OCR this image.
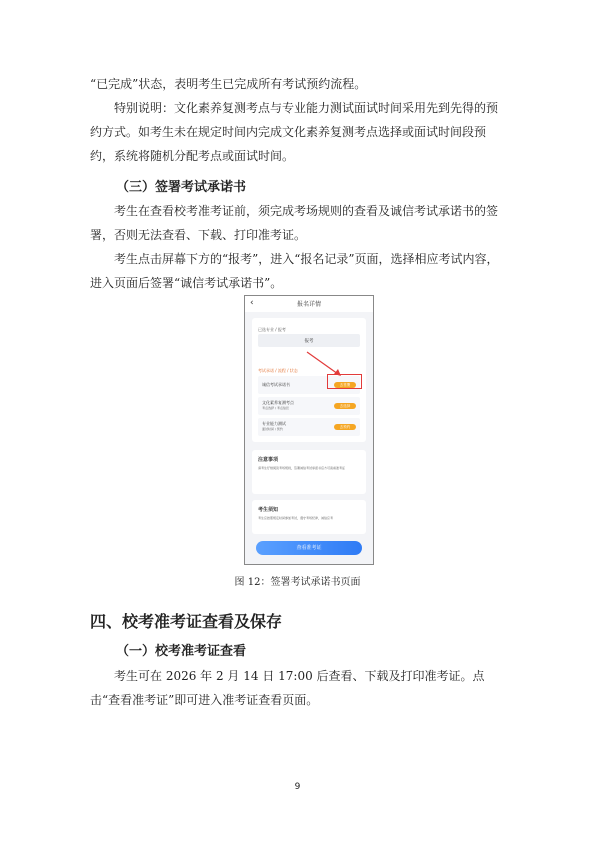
“已完成”状态，表明考生已完成所有考试预约流程。

特别说明：文化素养复测考点与专业能力测试面试时间采用先到先得的预约方式。如考生未在规定时间内完成文化素养复测考点选择或面试时间段预约，系统将随机分配考点或面试时间。

（三）签署考试承诺书

考生在查看校考准考证前，须完成考场规则的查看及诚信考试承诺书的签署，否则无法查看、下载、打印准考证。

考生点击屏幕下方的“报考”，进入“报名记录”页面，选择相应考试内容，进入页面后签署“诚信考试承诺书”。

‹	报名详情
已选专业 / 报考
报考
考试承诺 / 流程 / 状态
诚信考试承诺书	去签署
文化素养复测考点
考点选择 / 考点信息	去选择
专业能力测试
面试时间 / 预约	去预约
注意事项
请考生仔细阅读考场规则，签署诚信考试承诺书后方可查看准考证
考生须知
考生应按照规定时间参加考试，遵守考场纪律，诚信应考
查看准考证
图 12：签署考试承诺书页面
四、校考准考证查看及保存
（一）校考准考证查看

考生可在 2026 年 2 月 14 日 17:00 后查看、下载及打印准考证。点击“查看准考证”即可进入准考证查看页面。

9
